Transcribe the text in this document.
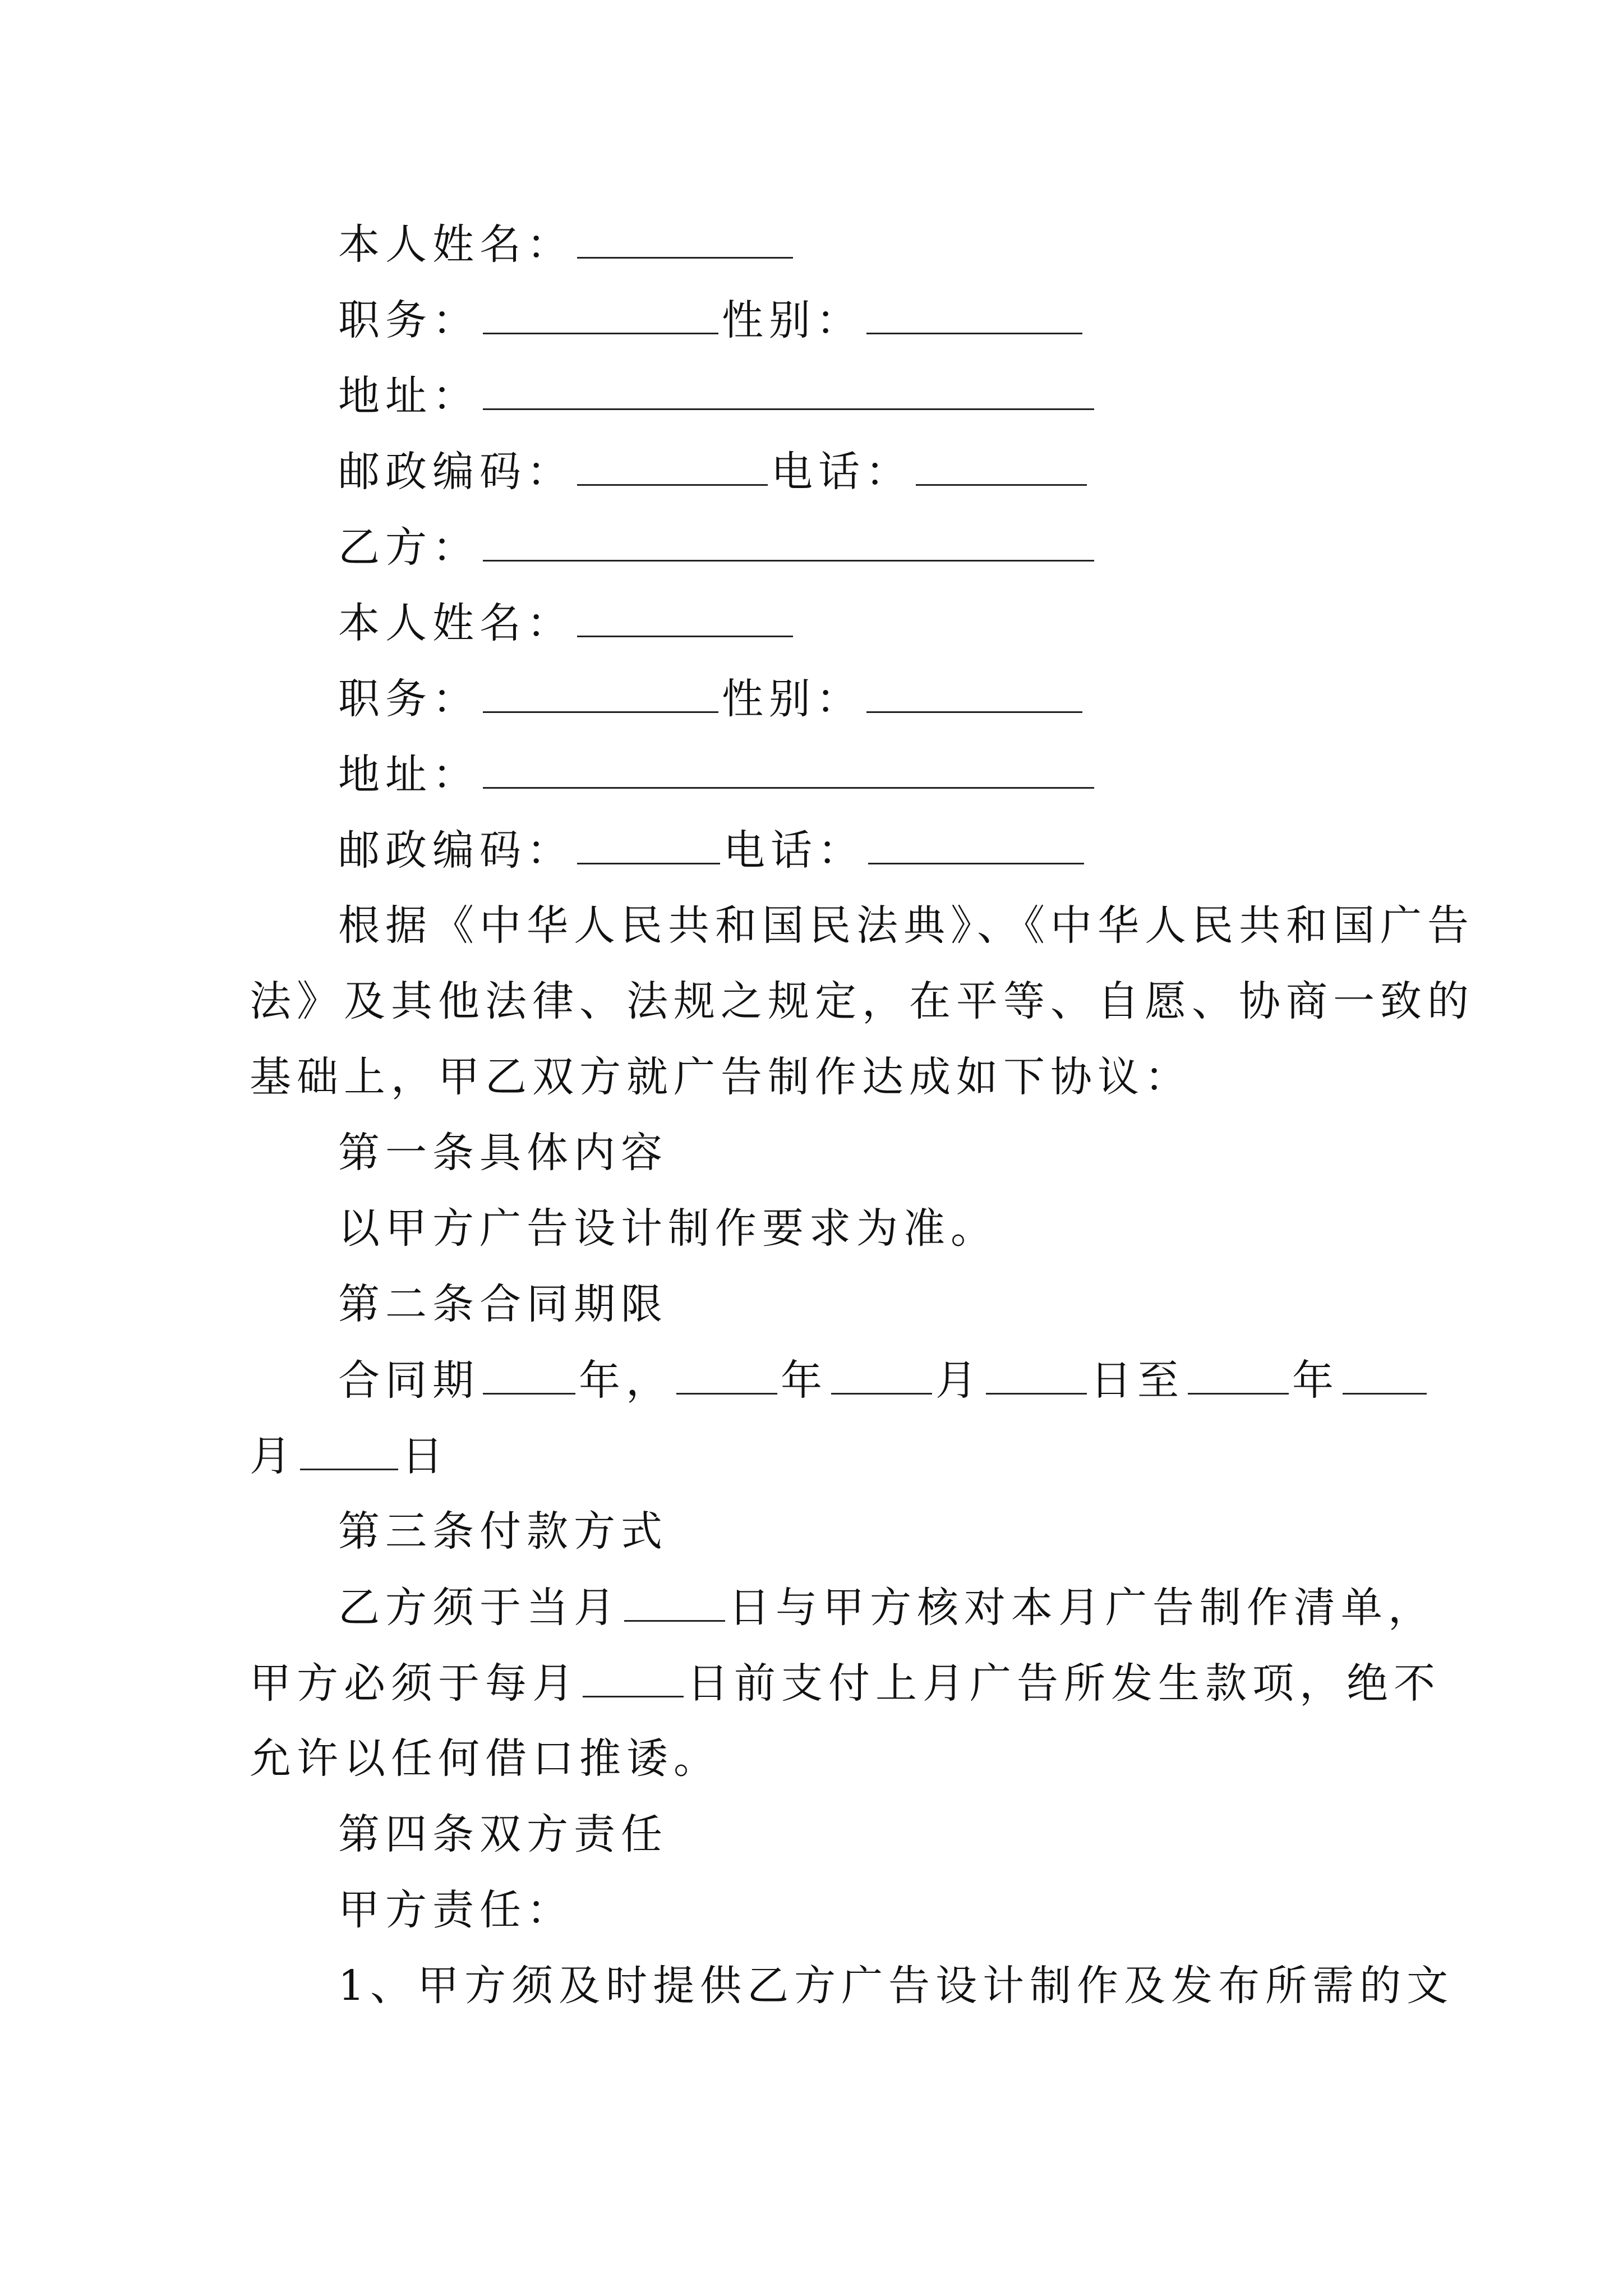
本人姓名：
职务：	性别：
地址：
邮政编码：	电话：
乙方：
本人姓名：
职务：	性别：
地址：
邮政编码：	电话：
根据《中华人民共和国民法典》、《中华人民共和国广告
法》及其他法律、法规之规定，在平等、自愿、协商一致的
基础上，甲乙双方就广告制作达成如下协议：
第一条具体内容
以甲方广告设计制作要求为准。
第二条合同期限
合同期 年，	年	月	日至	年
月	日
第三条付款方式
乙方须于当月	日与甲方核对本月广告制作清单，
甲方必须于每月	日前支付上月广告所发生款项，绝不
允许以任何借口推诿。
第四条双方责任
甲方责任：
1、甲方须及时提供乙方广告设计制作及发布所需的文
